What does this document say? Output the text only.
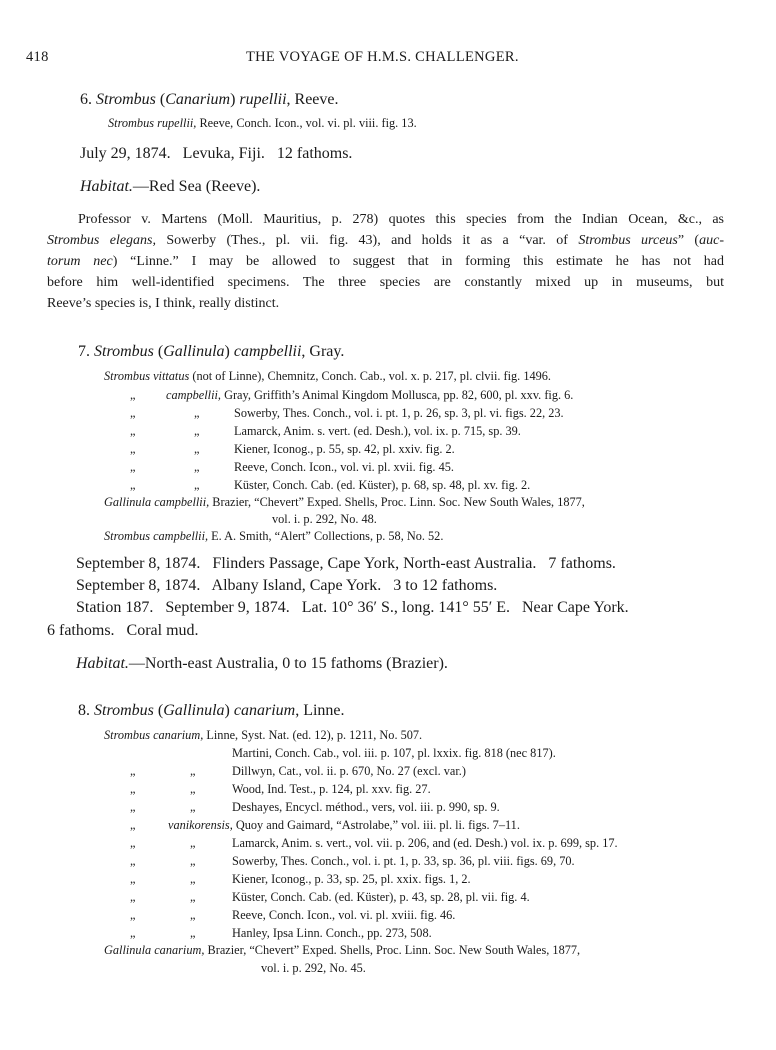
418	THE VOYAGE OF H.M.S. CHALLENGER.
6. Strombus (Canarium) rupellii, Reeve.
Strombus rupellii, Reeve, Conch. Icon., vol. vi. pl. viii. fig. 13.
July 29, 1874.   Levuka, Fiji.   12 fathoms.
Habitat.—Red Sea (Reeve).
Professor v. Martens (Moll. Mauritius, p. 278) quotes this species from the Indian Ocean, &c., as
Strombus elegans, Sowerby (Thes., pl. vii. fig. 43), and holds it as a “var. of Strombus urceus” (auc-
torum nec) “Linne.” I may be allowed to suggest that in forming this estimate he has not had
before him well-identified specimens. The three species are constantly mixed up in museums, but
Reeve’s species is, I think, really distinct.
7. Strombus (Gallinula) campbellii, Gray.
Strombus vittatus (not of Linne), Chemnitz, Conch. Cab., vol. x. p. 217, pl. clvii. fig. 1496.
„ campbellii, Gray, Griffith’s Animal Kingdom Mollusca, pp. 82, 600, pl. xxv. fig. 6.
„	„	Sowerby, Thes. Conch., vol. i. pt. 1, p. 26, sp. 3, pl. vi. figs. 22, 23.
„	„	Lamarck, Anim. s. vert. (ed. Desh.), vol. ix. p. 715, sp. 39.
„	„	Kiener, Iconog., p. 55, sp. 42, pl. xxiv. fig. 2.
„	„	Reeve, Conch. Icon., vol. vi. pl. xvii. fig. 45.
„	„	Küster, Conch. Cab. (ed. Küster), p. 68, sp. 48, pl. xv. fig. 2.
Gallinula campbellii, Brazier, “Chevert” Exped. Shells, Proc. Linn. Soc. New South Wales, 1877,
vol. i. p. 292, No. 48.
Strombus campbellii, E. A. Smith, “Alert” Collections, p. 58, No. 52.
September 8, 1874.   Flinders Passage, Cape York, North-east Australia.   7 fathoms.
September 8, 1874.   Albany Island, Cape York.   3 to 12 fathoms.
Station 187.   September 9, 1874.   Lat. 10° 36′ S., long. 141° 55′ E.   Near Cape York.
6 fathoms.   Coral mud.
Habitat.—North-east Australia, 0 to 15 fathoms (Brazier).
8. Strombus (Gallinula) canarium, Linne.
Strombus canarium, Linne, Syst. Nat. (ed. 12), p. 1211, No. 507.
Martini, Conch. Cab., vol. iii. p. 107, pl. lxxix. fig. 818 (nec 817).
„	„	Dillwyn, Cat., vol. ii. p. 670, No. 27 (excl. var.)
„	„	Wood, Ind. Test., p. 124, pl. xxv. fig. 27.
„	„	Deshayes, Encycl. méthod., vers, vol. iii. p. 990, sp. 9.
„	vanikorensis, Quoy and Gaimard, “Astrolabe,” vol. iii. pl. li. figs. 7–11.
„	„	Lamarck, Anim. s. vert., vol. vii. p. 206, and (ed. Desh.) vol. ix. p. 699, sp. 17.
„	„	Sowerby, Thes. Conch., vol. i. pt. 1, p. 33, sp. 36, pl. viii. figs. 69, 70.
„	„	Kiener, Iconog., p. 33, sp. 25, pl. xxix. figs. 1, 2.
„	„	Küster, Conch. Cab. (ed. Küster), p. 43, sp. 28, pl. vii. fig. 4.
„	„	Reeve, Conch. Icon., vol. vi. pl. xviii. fig. 46.
„	„	Hanley, Ipsa Linn. Conch., pp. 273, 508.
Gallinula canarium, Brazier, “Chevert” Exped. Shells, Proc. Linn. Soc. New South Wales, 1877,
vol. i. p. 292, No. 45.
